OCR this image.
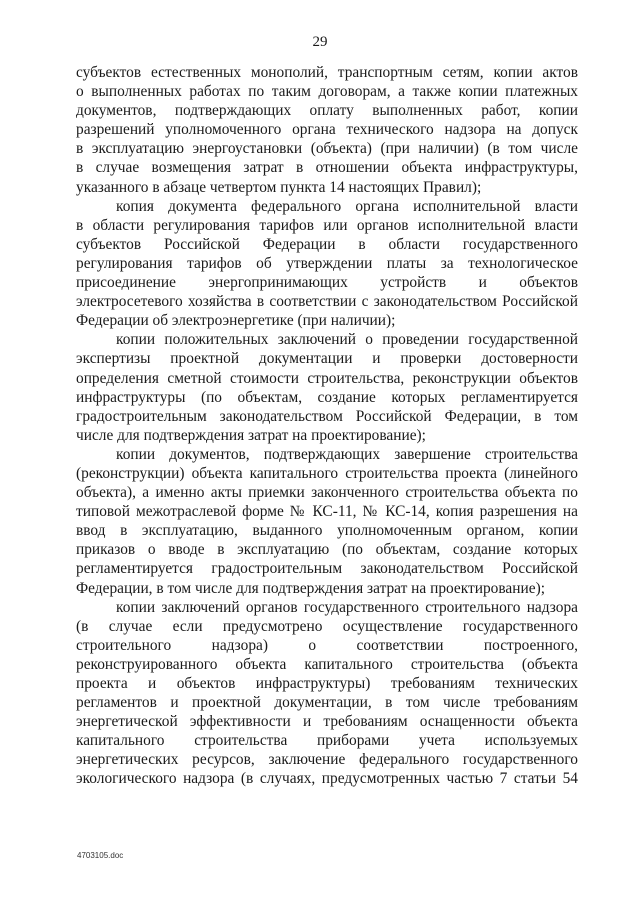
29
субъектов естественных монополий, транспортным сетям, копии актов
о выполненных работах по таким договорам, а также копии платежных
документов, подтверждающих оплату выполненных работ, копии
разрешений уполномоченного органа технического надзора на допуск
в эксплуатацию энергоустановки (объекта) (при наличии) (в том числе
в случае возмещения затрат в отношении объекта инфраструктуры,
указанного в абзаце четвертом пункта 14 настоящих Правил);
копия документа федерального органа исполнительной власти
в области регулирования тарифов или органов исполнительной власти
субъектов Российской Федерации в области государственного
регулирования тарифов об утверждении платы за технологическое
присоединение энергопринимающих устройств и объектов
электросетевого хозяйства в соответствии с законодательством Российской
Федерации об электроэнергетике (при наличии);
копии положительных заключений о проведении государственной
экспертизы проектной документации и проверки достоверности
определения сметной стоимости строительства, реконструкции объектов
инфраструктуры (по объектам, создание которых регламентируется
градостроительным законодательством Российской Федерации, в том
числе для подтверждения затрат на проектирование);
копии документов, подтверждающих завершение строительства
(реконструкции) объекта капитального строительства проекта (линейного
объекта), а именно акты приемки законченного строительства объекта по
типовой межотраслевой форме № КС-11, № КС-14, копия разрешения на
ввод в эксплуатацию, выданного уполномоченным органом, копии
приказов о вводе в эксплуатацию (по объектам, создание которых
регламентируется градостроительным законодательством Российской
Федерации, в том числе для подтверждения затрат на проектирование);
копии заключений органов государственного строительного надзора
(в случае если предусмотрено осуществление государственного
строительного надзора) о соответствии построенного,
реконструированного объекта капитального строительства (объекта
проекта и объектов инфраструктуры) требованиям технических
регламентов и проектной документации, в том числе требованиям
энергетической эффективности и требованиям оснащенности объекта
капитального строительства приборами учета используемых
энергетических ресурсов, заключение федерального государственного
экологического надзора (в случаях, предусмотренных частью 7 статьи 54
4703105.doc
